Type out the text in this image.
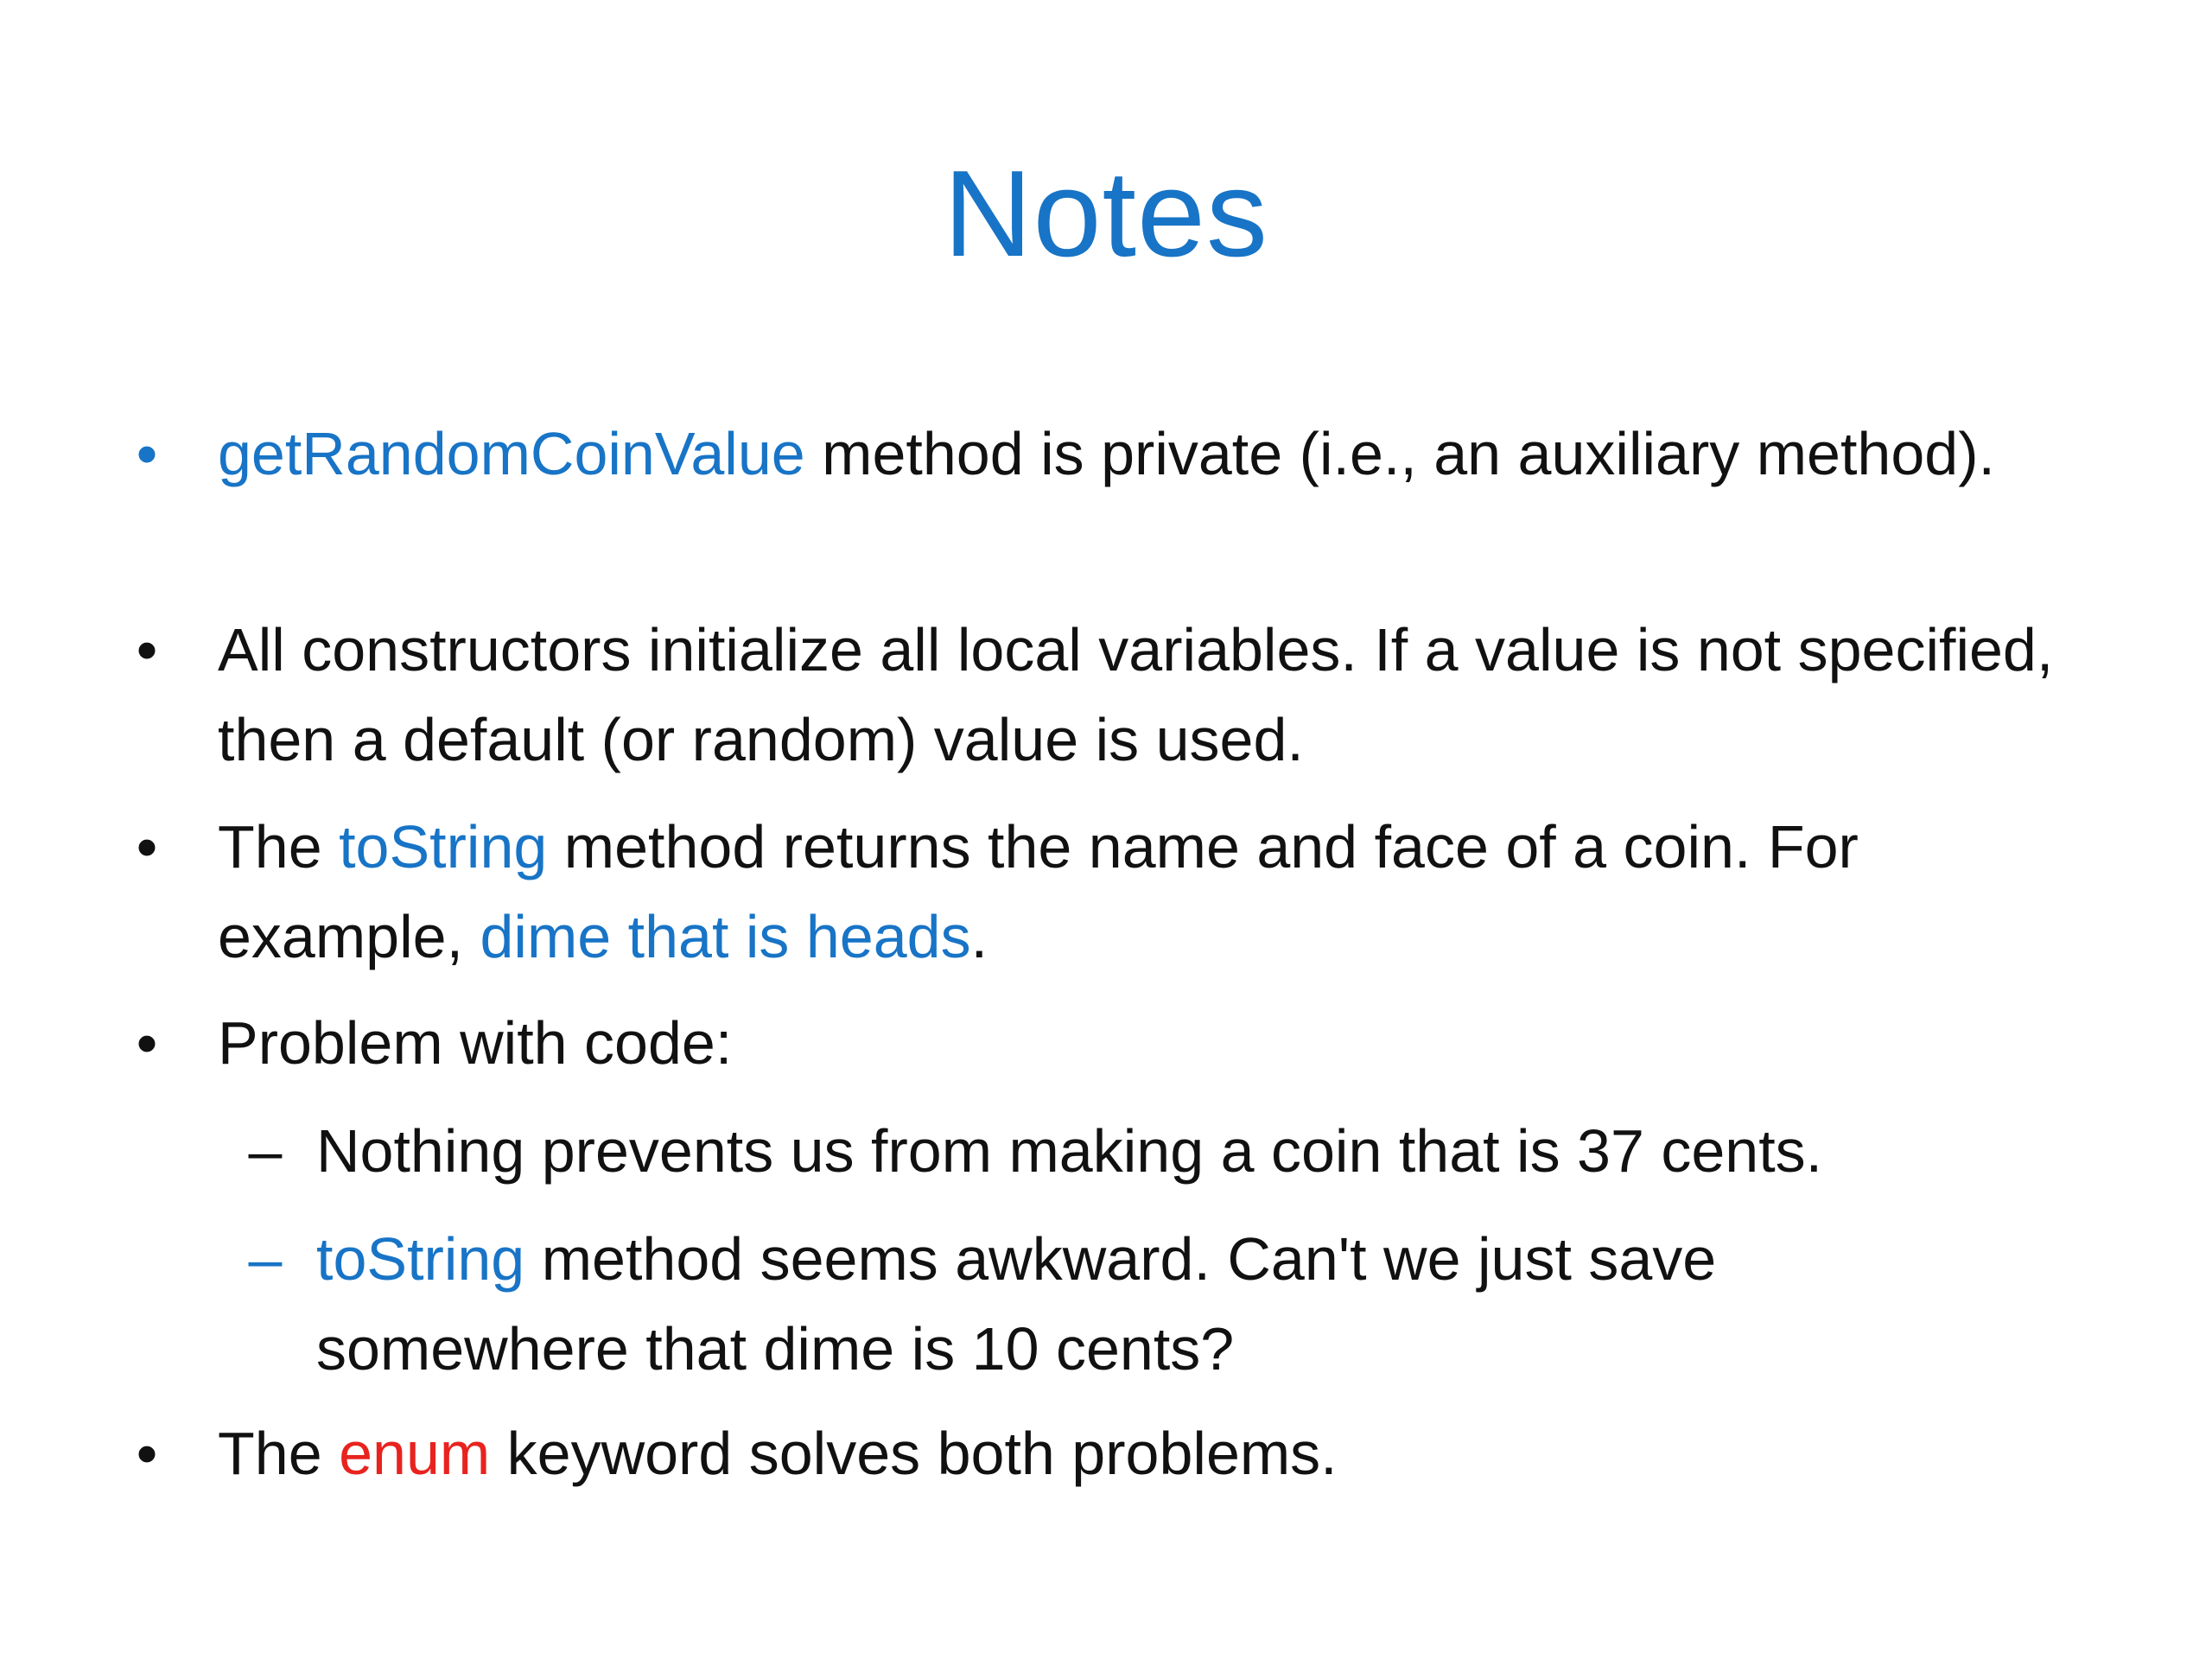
Notes
• getRandomCoinValue method is private (i.e., an auxiliary method).
• All constructors initialize all local variables. If a value is not specified, then a default (or random) value is used.
• The toString method returns the name and face of a coin. For example, dime that is heads.
• Problem with code:
– Nothing prevents us from making a coin that is 37 cents.
– toString method seems awkward. Can't we just save somewhere that dime is 10 cents?
• The enum keyword solves both problems.
